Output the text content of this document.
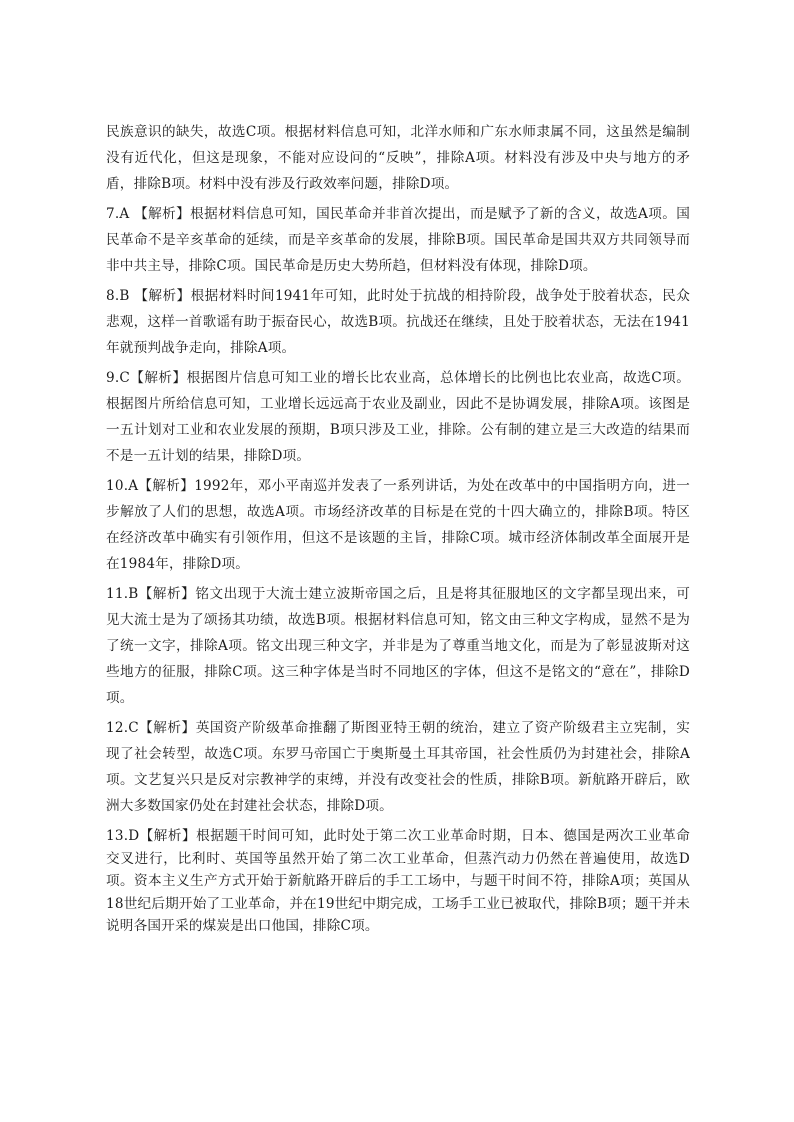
民族意识的缺失，故选C项。根据材料信息可知，北洋水师和广东水师隶属不同，这虽然是编制没有近代化，但这是现象，不能对应设问的“反映”，排除A项。材料没有涉及中央与地方的矛盾，排除B项。材料中没有涉及行政效率问题，排除D项。

7.A 【解析】根据材料信息可知，国民革命并非首次提出，而是赋予了新的含义，故选A项。国民革命不是辛亥革命的延续，而是辛亥革命的发展，排除B项。国民革命是国共双方共同领导而非中共主导，排除C项。国民革命是历史大势所趋，但材料没有体现，排除D项。

8.B 【解析】根据材料时间1941年可知，此时处于抗战的相持阶段，战争处于胶着状态，民众悲观，这样一首歌谣有助于振奋民心，故选B项。抗战还在继续，且处于胶着状态，无法在1941年就预判战争走向，排除A项。

9.C【解析】根据图片信息可知工业的增长比农业高，总体增长的比例也比农业高，故选C项。根据图片所给信息可知，工业增长远远高于农业及副业，因此不是协调发展，排除A项。该图是一五计划对工业和农业发展的预期，B项只涉及工业，排除。公有制的建立是三大改造的结果而不是一五计划的结果，排除D项。

10.A【解析】1992年，邓小平南巡并发表了一系列讲话，为处在改革中的中国指明方向，进一步解放了人们的思想，故选A项。市场经济改革的目标是在党的十四大确立的，排除B项。特区在经济改革中确实有引领作用，但这不是该题的主旨，排除C项。城市经济体制改革全面展开是在1984年，排除D项。

11.B【解析】铭文出现于大流士建立波斯帝国之后，且是将其征服地区的文字都呈现出来，可见大流士是为了颂扬其功绩，故选B项。根据材料信息可知，铭文由三种文字构成，显然不是为了统一文字，排除A项。铭文出现三种文字，并非是为了尊重当地文化，而是为了彰显波斯对这些地方的征服，排除C项。这三种字体是当时不同地区的字体，但这不是铭文的“意在”，排除D项。

12.C【解析】英国资产阶级革命推翻了斯图亚特王朝的统治，建立了资产阶级君主立宪制，实现了社会转型，故选C项。东罗马帝国亡于奥斯曼土耳其帝国，社会性质仍为封建社会，排除A项。文艺复兴只是反对宗教神学的束缚，并没有改变社会的性质，排除B项。新航路开辟后，欧洲大多数国家仍处在封建社会状态，排除D项。

13.D【解析】根据题干时间可知，此时处于第二次工业革命时期，日本、德国是两次工业革命交叉进行，比利时、英国等虽然开始了第二次工业革命，但蒸汽动力仍然在普遍使用，故选D项。资本主义生产方式开始于新航路开辟后的手工工场中，与题干时间不符，排除A项；英国从18世纪后期开始了工业革命，并在19世纪中期完成，工场手工业已被取代，排除B项；题干并未说明各国开采的煤炭是出口他国，排除C项。
